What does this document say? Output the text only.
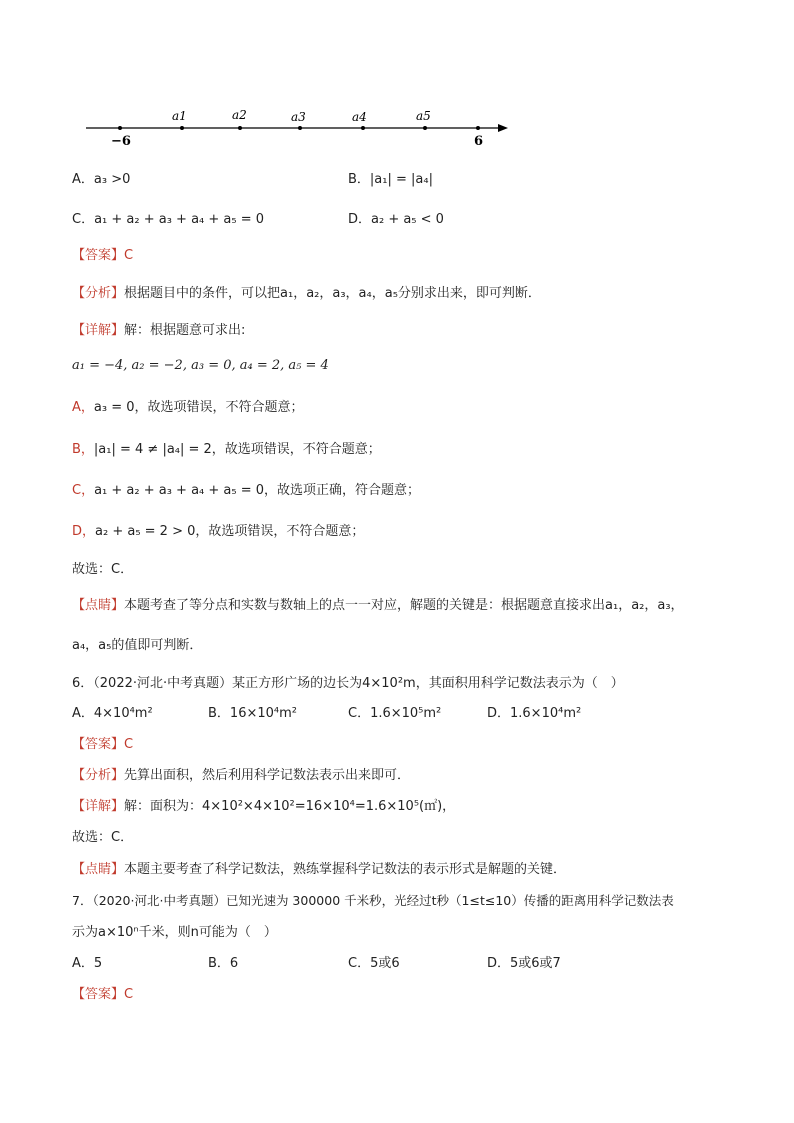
a1	a2	a3	a4	a5
−6	6
A．a₃ >0	B．|a₁| = |a₄|
C．a₁ + a₂ + a₃ + a₄ + a₅ = 0	D．a₂ + a₅ < 0
【答案】C
【分析】根据题目中的条件，可以把a₁，a₂，a₃，a₄，a₅分别求出来，即可判断．
【详解】解：根据题意可求出:
a₁ = −4, a₂ = −2, a₃ = 0, a₄ = 2, a₅ = 4
A，a₃ = 0，故选项错误，不符合题意；
B，|a₁| = 4 ≠ |a₄| = 2，故选项错误，不符合题意；
C，a₁ + a₂ + a₃ + a₄ + a₅ = 0，故选项正确，符合题意；
D，a₂ + a₅ = 2 > 0，故选项错误，不符合题意；
故选：C．
【点睛】本题考查了等分点和实数与数轴上的点一一对应，解题的关键是：根据题意直接求出a₁，a₂，a₃，
a₄，a₅的值即可判断．
6．（2022·河北·中考真题）某正方形广场的边长为4×10²m，其面积用科学记数法表示为（　）
A．4×10⁴m²	B．16×10⁴m²	C．1.6×10⁵m²	D．1.6×10⁴m²
【答案】C
【分析】先算出面积，然后利用科学记数法表示出来即可．
【详解】解：面积为：4×10²×4×10²=16×10⁴=1.6×10⁵(㎡)，
故选：C．
【点睛】本题主要考查了科学记数法，熟练掌握科学记数法的表示形式是解题的关键．
7．（2020·河北·中考真题）已知光速为 300000 千米秒，光经过t秒（1≤t≤10）传播的距离用科学记数法表
示为a×10ⁿ千米，则n可能为（　）
A．5	B．6	C．5或6	D．5或6或7
【答案】C
